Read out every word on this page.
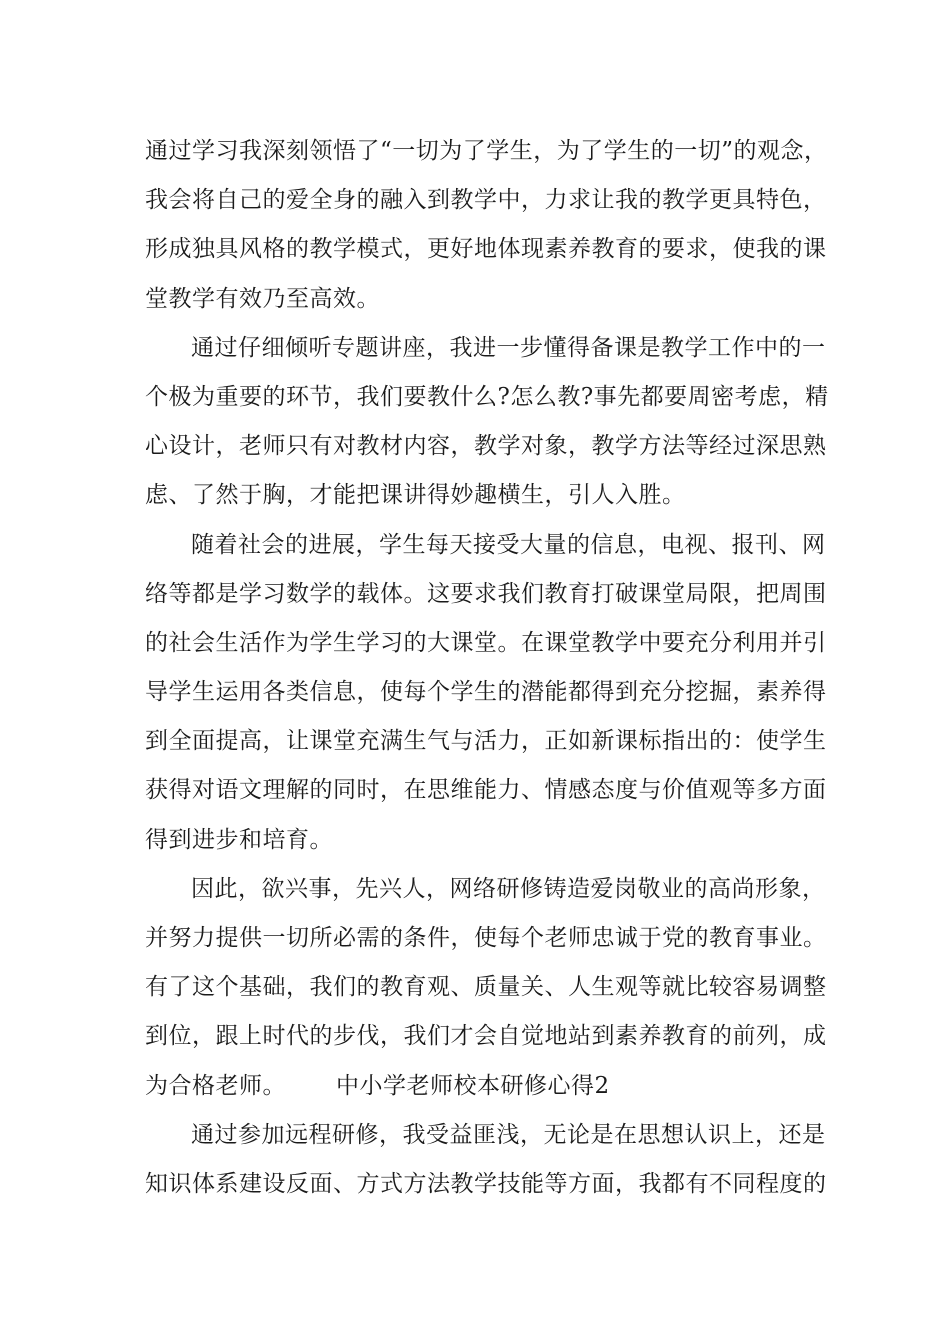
通过学习我深刻领悟了“一切为了学生，为了学生的一切”的观念，
我会将自己的爱全身的融入到教学中，力求让我的教学更具特色，
形成独具风格的教学模式，更好地体现素养教育的要求，使我的课
堂教学有效乃至高效。
通过仔细倾听专题讲座，我进一步懂得备课是教学工作中的一
个极为重要的环节，我们要教什么?怎么教?事先都要周密考虑，精
心设计，老师只有对教材内容，教学对象，教学方法等经过深思熟
虑、了然于胸，才能把课讲得妙趣横生，引人入胜。
随着社会的进展，学生每天接受大量的信息，电视、报刊、网
络等都是学习数学的载体。这要求我们教育打破课堂局限，把周围
的社会生活作为学生学习的大课堂。在课堂教学中要充分利用并引
导学生运用各类信息，使每个学生的潜能都得到充分挖掘，素养得
到全面提高，让课堂充满生气与活力，正如新课标指出的：使学生
获得对语文理解的同时，在思维能力、情感态度与价值观等多方面
得到进步和培育。
因此，欲兴事，先兴人，网络研修铸造爱岗敬业的高尚形象，
并努力提供一切所必需的条件，使每个老师忠诚于党的教育事业。
有了这个基础，我们的教育观、质量关、人生观等就比较容易调整
到位，跟上时代的步伐，我们才会自觉地站到素养教育的前列，成
为合格老师。 中小学老师校本研修心得2
通过参加远程研修，我受益匪浅，无论是在思想认识上，还是
知识体系建设反面、方式方法教学技能等方面，我都有不同程度的
